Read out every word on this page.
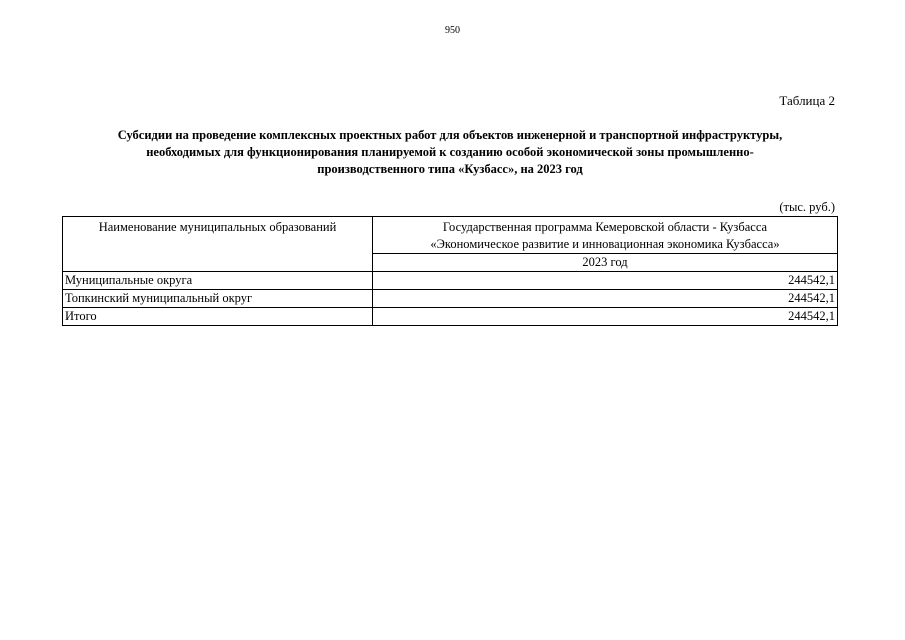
950
Таблица 2
Субсидии на проведение комплексных проектных работ для объектов инженерной и транспортной инфраструктуры,
необходимых для функционирования планируемой к созданию особой экономической зоны промышленно-
производственного типа «Кузбасс», на 2023 год
(тыс. руб.)
Наименование муниципальных образований	Государственная программа Кемеровской области - Кузбасса
«Экономическое развитие и инновационная экономика Кузбасса»

	2023 год
Муниципальные округа	244542,1
Топкинский муниципальный округ	244542,1
Итого	244542,1
